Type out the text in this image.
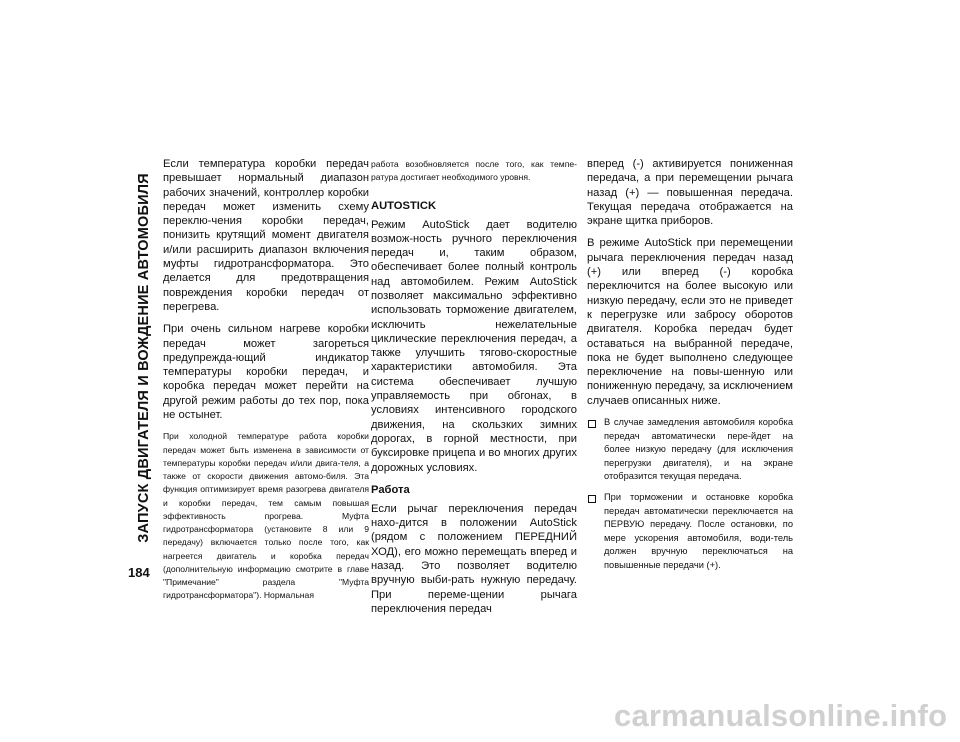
ЗАПУСК ДВИГАТЕЛЯ И ВОЖДЕНИЕ АВТОМОБИЛЯ
184

Если температура коробки передач превышает нормальный диапазон рабочих значений, контроллер коробки передач может изменить схему переклю-чения коробки передач, понизить крутящий момент двигателя и/или расширить диапазон включения муфты гидротрансформатора. Это делается для предотвращения повреждения коробки передач от перегрева.

При очень сильном нагреве коробки передач может загореться предупрежда-ющий индикатор температуры коробки передач, и коробка передач может перейти на другой режим работы до тех пор, пока не остынет.

При холодной температуре работа коробки передач может быть изменена в зависимости от температуры коробки передач и/или двига-теля, а также от скорости движения автомо-биля. Эта функция оптимизирует время разогрева двигателя и коробки передач, тем самым повышая эффективность прогрева. Муфта гидротрансформатора (установите 8 или 9 передачу) включается только после того, как нагреется двигатель и коробка передач (дополнительную информацию смотрите в главе "Примечание" раздела "Муфта гидротрансформатора"). Нормальная

работа возобновляется после того, как темпе-ратура достигает необходимого уровня.

AUTOSTICK

Режим AutoStick дает водителю возмож-ность ручного переключения передач и, таким образом, обеспечивает более полный контроль над автомобилем. Режим AutoStick позволяет максимально эффективно использовать торможение двигателем, исключить нежелательные циклические переключения передач, а также улучшить тягово-скоростные характеристики автомобиля. Эта система обеспечивает лучшую управляемость при обгонах, в условиях интенсивного городского движения, на скользких зимних дорогах, в горной местности, при буксировке прицепа и во многих других дорожных условиях.

Работа

Если рычаг переключения передач нахо-дится в положении AutoStick (рядом с положением ПЕРЕДНИЙ ХОД), его можно перемещать вперед и назад. Это позволяет водителю вручную выби-рать нужную передачу. При переме-щении рычага переключения передач

вперед (-) активируется пониженная передача, а при перемещении рычага назад (+) — повышенная передача. Текущая передача отображается на экране щитка приборов.

В режиме AutoStick при перемещении рычага переключения передач назад (+) или вперед (-) коробка переключится на более высокую или низкую передачу, если это не приведет к перегрузке или забросу оборотов двигателя. Коробка передач будет оставаться на выбранной передаче, пока не будет выполнено следующее переключение на повы-шенную или пониженную передачу, за исключением случаев описанных ниже.

В случае замедления автомобиля коробка передач автоматически пере-йдет на более низкую передачу (для исключения перегрузки двигателя), и на экране отобразится текущая передача.

При торможении и остановке коробка передач автоматически переключается на ПЕРВУЮ передачу. После остановки, по мере ускорения автомобиля, води-тель должен вручную переключаться на повышенные передачи (+).

carmanualsonline.info
